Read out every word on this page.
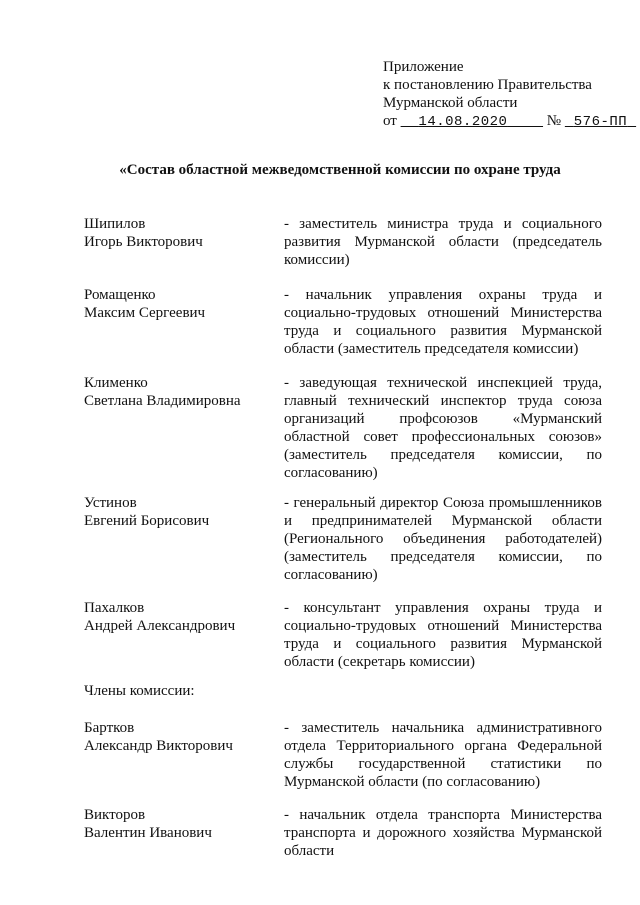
Приложение
к постановлению Правительства
Мурманской области
от 14.08.2020	№ 576-ПП
«Состав областной межведомственной комиссии по охране труда
Шипилов
Игорь Викторович
- заместитель министра труда и социального развития Мурманской области (председатель комиссии)
Ромащенко
Максим Сергеевич
- начальник управления охраны труда и социально-трудовых отношений Министерства труда и социального развития Мурманской области (заместитель председателя комиссии)
Клименко
Светлана Владимировна
- заведующая технической инспекцией труда, главный технический инспектор труда союза организаций профсоюзов «Мурманский областной совет профессиональных союзов» (заместитель председателя комиссии, по согласованию)
Устинов
Евгений Борисович
- генеральный директор Союза промышленников и предпринимателей Мурманской области (Регионального объединения работодателей) (заместитель председателя комиссии, по согласованию)
Пахалков
Андрей Александрович
- консультант управления охраны труда и социально-трудовых отношений Министерства труда и социального развития Мурманской области (секретарь комиссии)
Члены комиссии:
Бартков
Александр Викторович
- заместитель начальника административного отдела Территориального органа Федеральной службы государственной статистики по Мурманской области (по согласованию)
Викторов
Валентин Иванович
- начальник отдела транспорта Министерства транспорта и дорожного хозяйства Мурманской области
